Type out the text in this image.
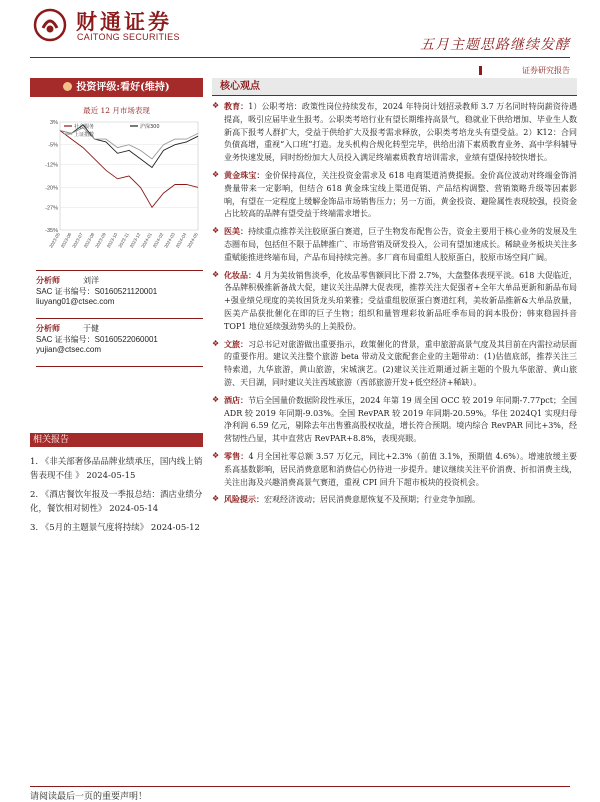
财通证券
CAITONG SECURITIES	五月主题思路继续发酵
证券研究报告
投资评级:看好(维持)
最近 12 月市场表现
3%
-5%
-12%
-20%
-27%
-35%
2023-05
2023-06
2023-07
2023-08
2023-09
2023-10 2023-11
2023-12
2024-01
2024-02
2024-03
2024-04
2024-05
社会服务	沪深300
上证指数
分析师	刘洋
SAC 证书编号：S0160521120001
liuyang01@ctsec.com
分析师	于健
SAC 证书编号：S0160522060001
yujian@ctsec.com
相关报告
1. 《非关部奢侈品品牌业绩承压，国内线上销售表现不佳 》 2024-05-15
2. 《酒店餐饮年报及一季报总结：酒店业绩分化，餐饮相对韧性》 2024-05-14
3. 《5月的主题景气度将持续》 2024-05-12
核心观点
❖ 教育：1）公职考培：政策性岗位持续发布，2024 年特岗计划招录教师 3.7 万名同时特岗薪资待遇提高，吸引应届毕业生报考。公职类考培行业有望长期维持高景气，稳就业下供给增加、毕业生人数新高下报考人群扩大，受益于供给扩大及报考需求释放，公职类考培龙头有望受益。2）K12：合同负债高增，重视“入口班”打造。龙头机构合规化转型完毕，供给出清下素质教育业务、高中学科辅导业务快速发展，同时纷纷加大人员投入满足终端素质教育培训需求，业绩有望保持较快增长。
❖ 黄金珠宝：金价保持高位，关注投资金需求及 618 电商渠道消费提振。金价高位波动对终端金饰消费量带来一定影响，但结合 618 黄金珠宝线上渠道促销、产品结构调整、营销策略升级等因素影响，有望在一定程度上缓解金饰品市场销售压力；另一方面，黄金投资、避险属性表现较强，投资金占比较高的品牌有望受益于终端需求增长。
❖ 医美：持续重点推荐关注胶原蛋白赛道，巨子生物发布配售公告，资金主要用于核心业务的发展及生态圈布局，包括但不限于品牌推广、市场营销及研发投入，公司有望加速成长。稀缺业务板块关注多重赋能推进终端布局，产品布局持续完善。多厂商布局重组人胶原蛋白，胶原市场空间广阔。
❖ 化妆品：4 月为美妆销售淡季，化妆品零售额同比下滑 2.7%，大盘整体表现平淡。618 大促临近，各品牌积极推新备战大促，建议关注品牌大促表现，推荐关注大促强者+全年大单品更新和新品布局+强业绩兑现度的美妆国货龙头珀莱雅；受益重组胶原蛋白赛道红利，美妆新品推新&大单品放量，医美产品获批催化在即的巨子生物；组织和量管理彩妆新品旺季布局的润本股份；韩束稳固抖音 TOP1 地位延续强劲势头的上美股份。
❖ 文旅：习总书记对旅游做出重要指示，政策催化的背景，重申旅游高景气度及其目前在内需拉动层面的重要作用。建议关注整个旅游 beta 带动及文旅配套企业的主题带动：(1)估值底部，推荐关注三特索道，九华旅游，黄山旅游，宋城演艺。(2)建议关注近期通过新主题的个股九华旅游、黄山旅游、天目湖，同时建议关注西域旅游（西部旅游开发+低空经济+稀缺）。
❖ 酒店：节后全国量价数据阶段性承压，2024 年第 19 周全国 OCC 较 2019 年同期-7.77pct；全国 ADR 较 2019 年同期-9.03%。全国 RevPAR 较 2019 年同期-20.59%。华住 2024Q1 实现归母净利润 6.59 亿元，剔除去年出售雅高股权收益，增长符合预期。境内综合 RevPAR 同比+3%，经营韧性凸显，其中直营店 RevPAR+8.8%，表现亮眼。
❖ 零售：4 月全国社零总额 3.57 万亿元，同比+2.3%（前值 3.1%，预期值 4.6%）。增速放缓主要系高基数影响，居民消费意愿和消费信心仍待进一步提升。建议继续关注平价消费、折扣消费主线，关注出海及兴趣消费高景气赛道，重视 CPI 回升下超市板块的投资机会。
❖ 风险提示：宏观经济波动；居民消费意愿恢复不及预期；行业竞争加剧。
请阅读最后一页的重要声明！
